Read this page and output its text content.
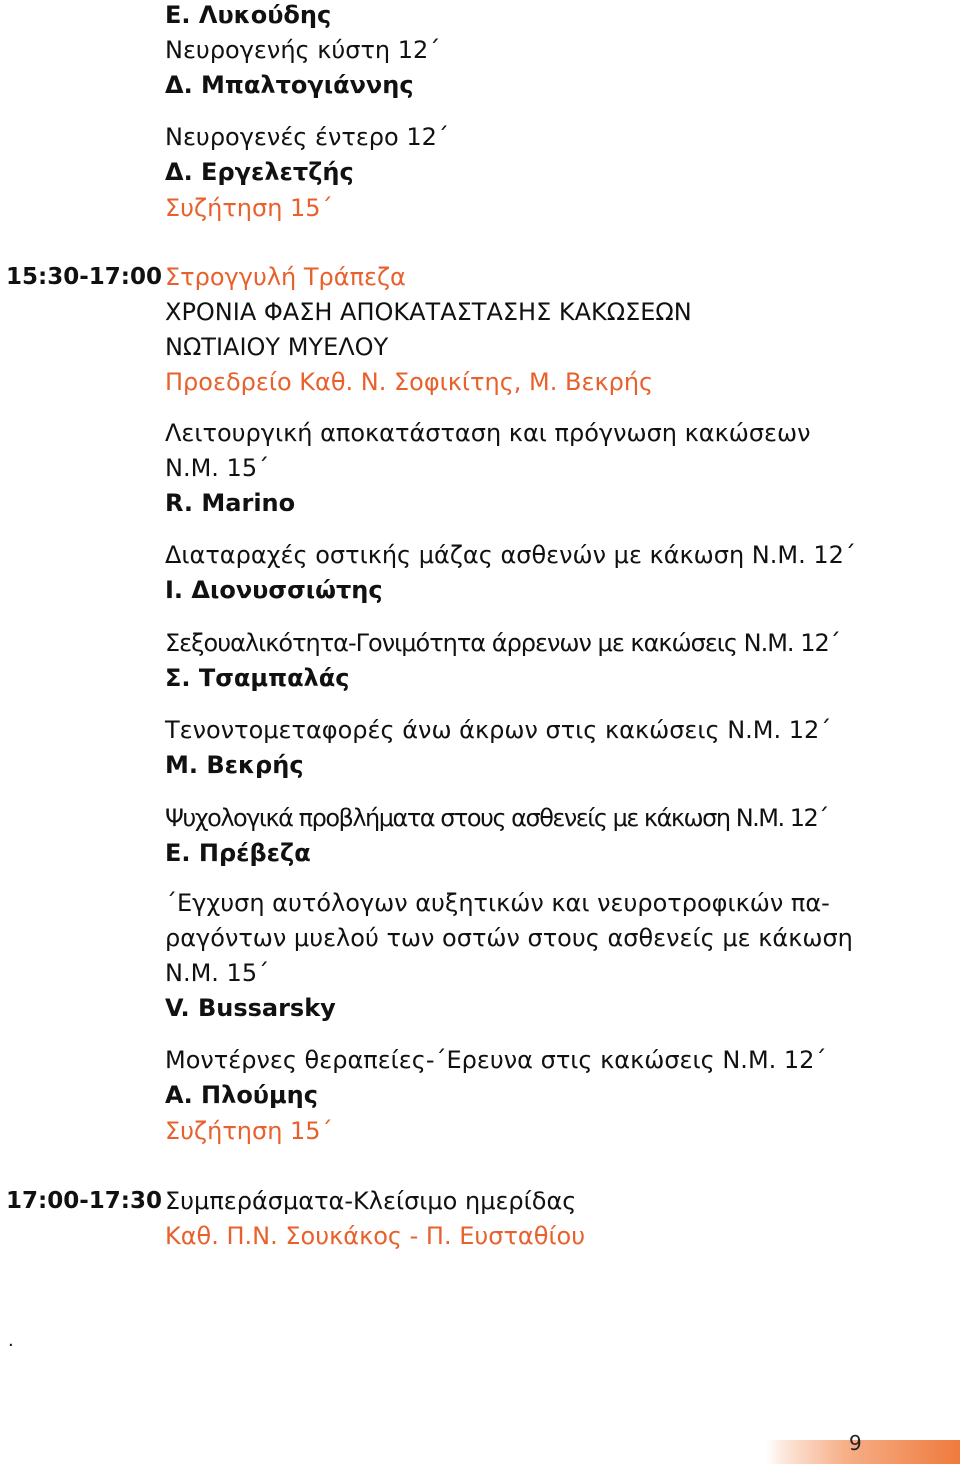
Ε. Λυκούδης
Νευρογενής κύστη 12΄
Δ. Μπαλτογιάννης
Νευρογενές έντερο 12΄
Δ. Εργελετζής
Συζήτηση 15΄
15:30-17:00 Στρογγυλή Τράπεζα
ΧΡΟΝΙΑ ΦΑΣΗ ΑΠΟΚΑΤΑΣΤΑΣΗΣ ΚΑΚΩΣΕΩΝ
ΝΩΤΙΑΙΟΥ ΜΥΕΛΟΥ
Προεδρείο Καθ. Ν. Σοφικίτης, Μ. Βεκρής
Λειτουργική αποκατάσταση και πρόγνωση κακώσεων
Ν.Μ. 15΄
R. Marino
Διαταραχές οστικής μάζας ασθενών με κάκωση Ν.Μ. 12΄
Ι. Διονυσσιώτης
Σεξουαλικότητα-Γονιμότητα άρρενων με κακώσεις Ν.Μ. 12΄
Σ. Τσαμπαλάς
Τενοντομεταφορές άνω άκρων στις κακώσεις Ν.Μ. 12΄
Μ. Βεκρής
Ψυχολογικά προβλήματα στους ασθενείς με κάκωση Ν.Μ. 12΄
Ε. Πρέβεζα
΄Εγχυση αυτόλογων αυξητικών και νευροτροφικών πα-
ραγόντων μυελού των οστών στους ασθενείς με κάκωση
Ν.Μ. 15΄
V. Bussarsky
Μοντέρνες θεραπείες-΄Ερευνα στις κακώσεις Ν.Μ. 12΄
Α. Πλούμης
Συζήτηση 15΄
17:00-17:30 Συμπεράσματα-Κλείσιμο ημερίδας
Καθ. Π.Ν. Σουκάκος - Π. Ευσταθίου
.
9
